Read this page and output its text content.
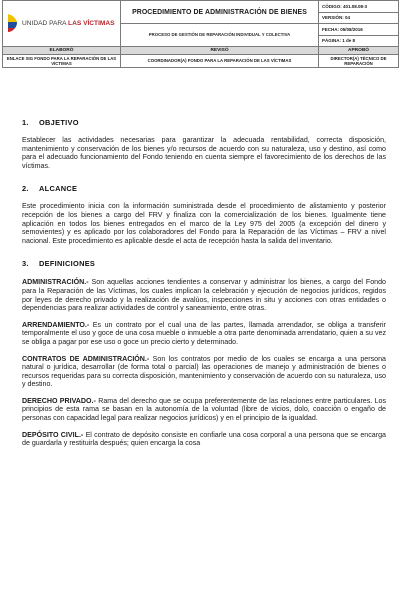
UNIDAD PARA LAS VÍCTIMAS	PROCEDIMIENTO DE ADMINISTRACIÓN DE BIENES	CÓDIGO: 401.08.08-3
		VERSIÓN: 04
	PROCESO DE GESTIÓN DE REPARACIÓN INDIVIDUAL Y COLECTIVA	FECHA: 05/08/2016
		PÁGINA: 1 de 8
ELABORÓ	REVISÓ	APROBÓ
ENLACE SIG FONDO PARA LA REPARACIÓN DE LAS VÍCTIMAS	COORDINADOR(A) FONDO PARA LA REPARACIÓN DE LAS VÍCTIMAS	DIRECTOR(A) TÉCNICO DE REPARACIÓN
1. OBJETIVO

Establecer las actividades necesarias para garantizar la adecuada rentabilidad, correcta disposición, mantenimiento y conservación de los bienes y/o recursos de acuerdo con su naturaleza, uso y destino, así como para el adecuado funcionamiento del Fondo teniendo en cuenta siempre el favorecimiento de los derechos de las víctimas.

2. ALCANCE

Este procedimiento inicia con la información suministrada desde el procedimiento de alistamiento y posterior recepción de los bienes a cargo del FRV y finaliza con la comercialización de los bienes. Igualmente tiene aplicación en todos los bienes entregados en el marco de la Ley 975 del 2005 (a excepción del dinero y semovientes) y es aplicado por los colaboradores del Fondo para la Reparación de las Víctimas – FRV a nivel nacional. Este procedimiento es aplicable desde el acta de recepción hasta la salida del inventario.

3. DEFINICIONES

ADMINISTRACIÓN.- Son aquellas acciones tendientes a conservar y administrar los bienes, a cargo del Fondo para la Reparación de las Víctimas, los cuales implican la celebración y ejecución de negocios jurídicos, regidos por leyes de derecho privado y la realización de avalúos, inspecciones in situ y acciones con otras entidades o dependencias para realizar actividades de control y saneamiento, entre otras.

ARRENDAMIENTO.- Es un contrato por el cual una de las partes, llamada arrendador, se obliga a transferir temporalmente el uso y goce de una cosa mueble o inmueble a otra parte denominada arrendatario, quien a su vez se obliga a pagar por ese uso o goce un precio cierto y determinado.

CONTRATOS DE ADMINISTRACIÓN.- Son los contratos por medio de los cuales se encarga a una persona natural o jurídica, desarrollar (de forma total o parcial) las operaciones de manejo y administración de bienes o recursos requeridas para su correcta disposición, mantenimiento y conservación de acuerdo con su naturaleza, uso y destino.

DERECHO PRIVADO.- Rama del derecho que se ocupa preferentemente de las relaciones entre particulares. Los principios de esta rama se basan en la autonomía de la voluntad (libre de vicios, dolo, coacción o engaño de personas con capacidad legal para realizar negocios jurídicos) y en el principio de la igualdad.

DEPÓSITO CIVIL.- El contrato de depósito consiste en confiarle una cosa corporal a una persona que se encarga de guardarla y restituirla después; quien encarga la cosa
